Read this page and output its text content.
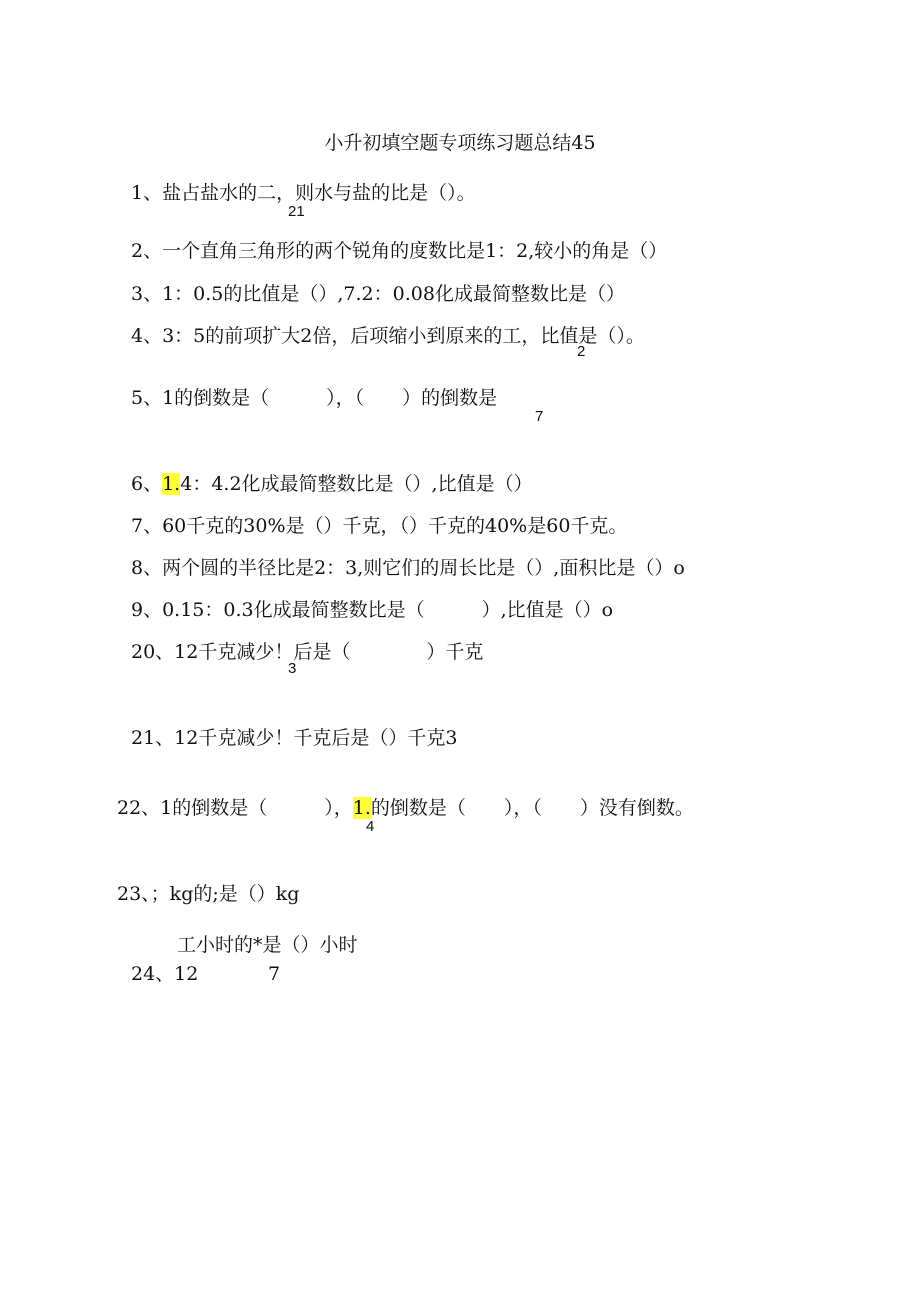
小升初填空题专项练习题总结45
1、盐占盐水的二，则水与盐的比是（）。
21
2、一个直角三角形的两个锐角的度数比是1：2,较小的角是（）
3、1：0.5的比值是（）,7.2：0.08化成最简整数比是（）
4、3：5的前项扩大2倍，后项缩小到原来的工，比值是（）。
2
5、1的倒数是（　　　），（　　）的倒数是
7
6、1.4：4.2化成最简整数比是（）,比值是（）
7、60千克的30%是（）千克，（）千克的40%是60千克。
8、两个圆的半径比是2：3,则它们的周长比是（）,面积比是（）o
9、0.15：0.3化成最简整数比是（　　　）,比值是（）o
20、12千克减少！后是（　　　　）千克
3
21、12千克减少！千克后是（）千克3
22、1的倒数是（　　　），1.的倒数是（　　），（　　）没有倒数。
4
23、；kg的;是（）kg
工小时的*是（）小时
24、12	7
